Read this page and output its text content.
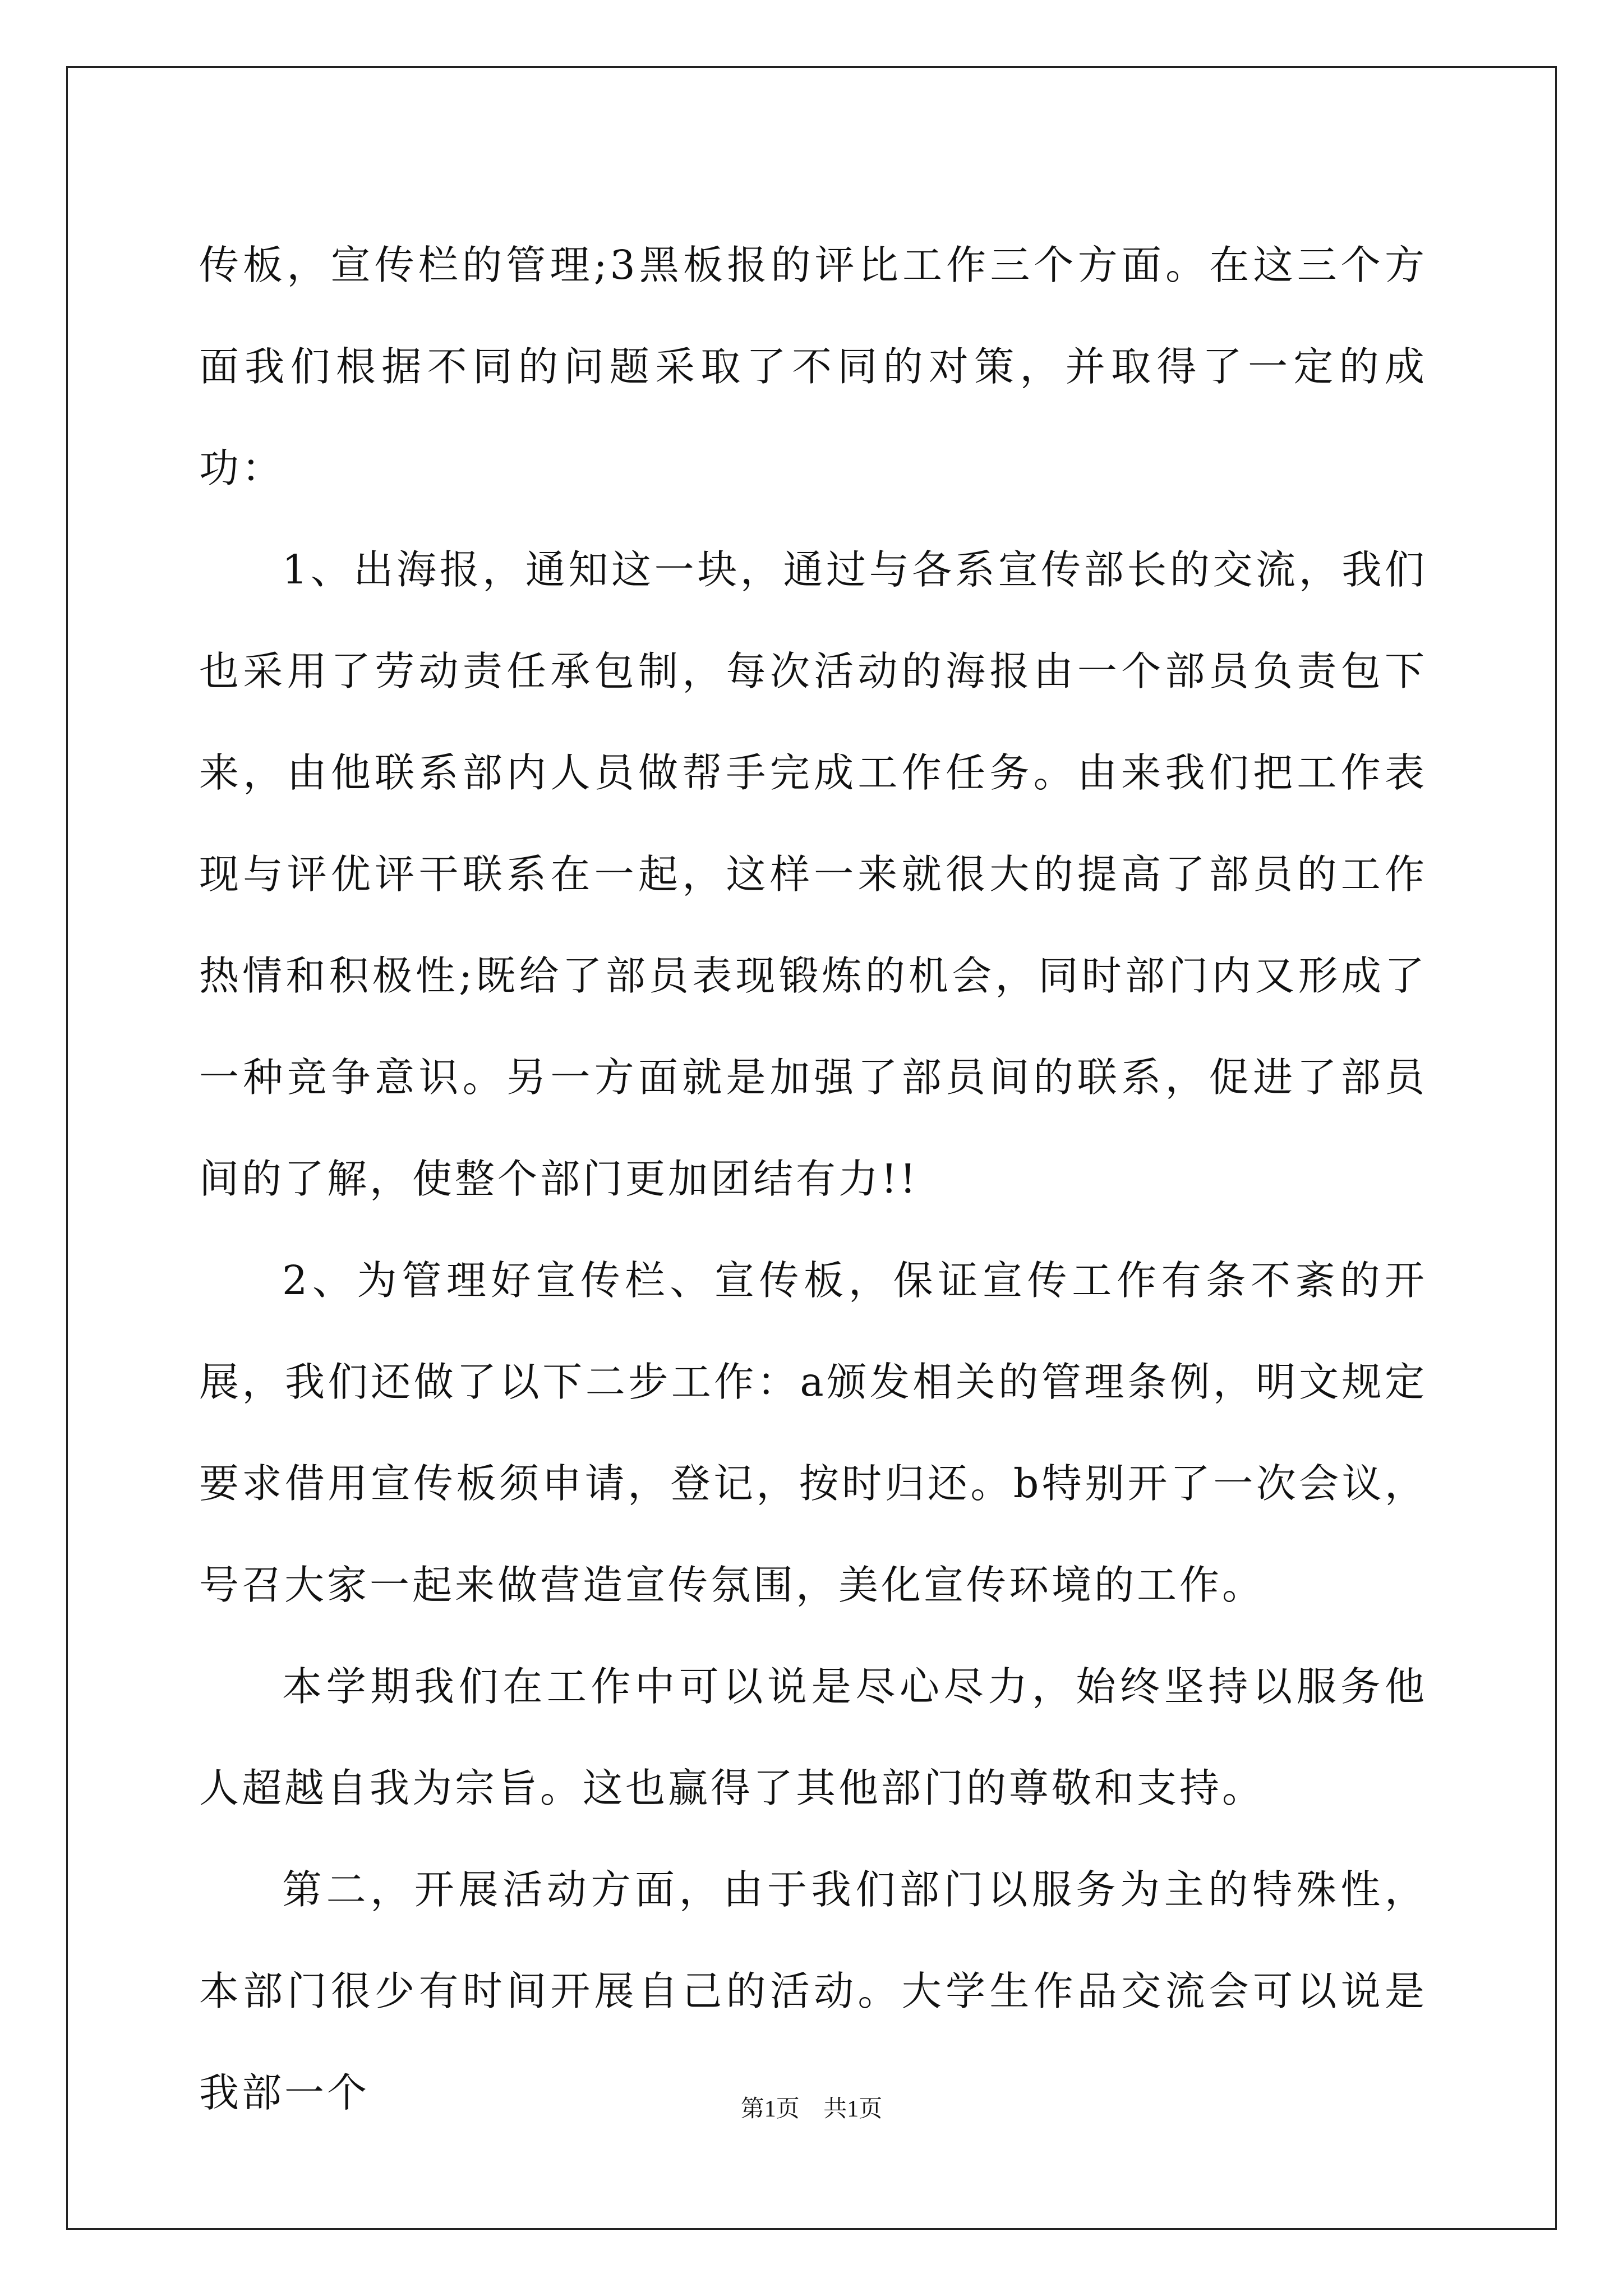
传板，宣传栏的管理;3黑板报的评比工作三个方面。在这三个方面我们根据不同的问题采取了不同的对策，并取得了一定的成功：

1、出海报，通知这一块，通过与各系宣传部长的交流，我们也采用了劳动责任承包制，每次活动的海报由一个部员负责包下来，由他联系部内人员做帮手完成工作任务。由来我们把工作表现与评优评干联系在一起，这样一来就很大的提高了部员的工作热情和积极性;既给了部员表现锻炼的机会，同时部门内又形成了一种竞争意识。另一方面就是加强了部员间的联系，促进了部员间的了解，使整个部门更加团结有力!!

2、为管理好宣传栏、宣传板，保证宣传工作有条不紊的开展，我们还做了以下二步工作：a颁发相关的管理条例，明文规定要求借用宣传板须申请，登记，按时归还。b特别开了一次会议，号召大家一起来做营造宣传氛围，美化宣传环境的工作。

本学期我们在工作中可以说是尽心尽力，始终坚持以服务他人超越自我为宗旨。这也赢得了其他部门的尊敬和支持。

第二，开展活动方面，由于我们部门以服务为主的特殊性，本部门很少有时间开展自己的活动。大学生作品交流会可以说是我部一个	第1页 共1页
